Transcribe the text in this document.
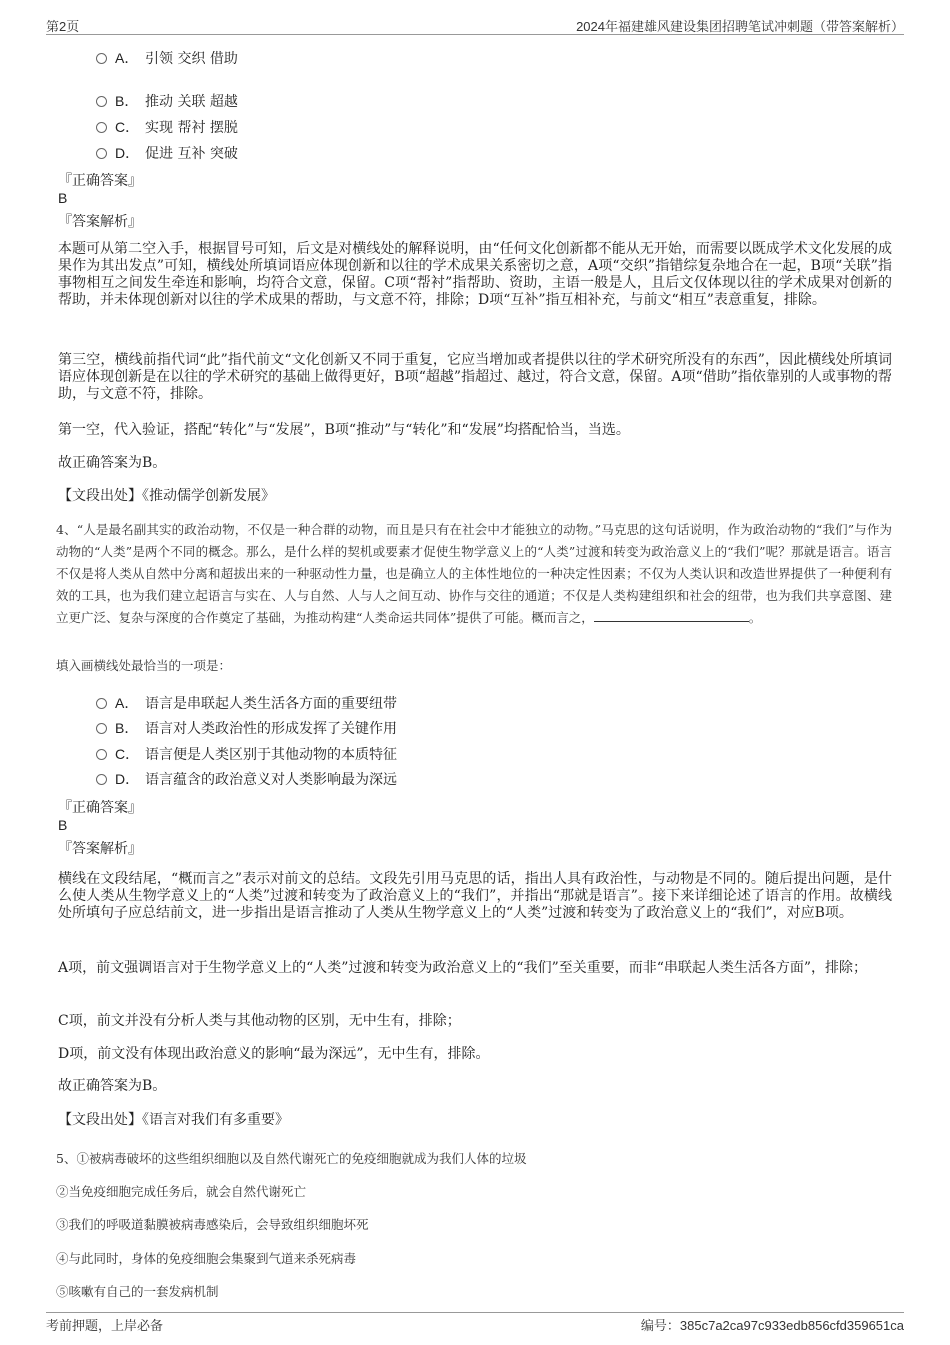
第2页	2024年福建雄风建设集团招聘笔试冲刺题（带答案解析）
A． 引领 交织 借助
B． 推动 关联 超越
C． 实现 帮衬 摆脱
D． 促进 互补 突破
『正确答案』
B
『答案解析』
本题可从第二空入手，根据冒号可知，后文是对横线处的解释说明，由“任何文化创新都不能从无开始，而需要以既成学术文化发展的成果作为其出发点”可知，横线处所填词语应体现创新和以往的学术成果关系密切之意，A项“交织”指错综复杂地合在一起，B项“关联”指事物相互之间发生牵连和影响，均符合文意，保留。C项“帮衬”指帮助、资助，主语一般是人，且后文仅体现以往的学术成果对创新的帮助，并未体现创新对以往的学术成果的帮助，与文意不符，排除；D项“互补”指互相补充，与前文“相互”表意重复，排除。
第三空，横线前指代词“此”指代前文“文化创新又不同于重复，它应当增加或者提供以往的学术研究所没有的东西”，因此横线处所填词语应体现创新是在以往的学术研究的基础上做得更好，B项“超越”指超过、越过，符合文意，保留。A项“借助”指依靠别的人或事物的帮助，与文意不符，排除。
第一空，代入验证，搭配“转化”与“发展”，B项“推动”与“转化”和“发展”均搭配恰当，当选。
故正确答案为B。
【文段出处】《推动儒学创新发展》
4、“人是最名副其实的政治动物，不仅是一种合群的动物，而且是只有在社会中才能独立的动物。”马克思的这句话说明，作为政治动物的“我们”与作为动物的“人类”是两个不同的概念。那么，是什么样的契机或要素才促使生物学意义上的“人类”过渡和转变为政治意义上的“我们”呢？那就是语言。语言不仅是将人类从自然中分离和超拔出来的一种驱动性力量，也是确立人的主体性地位的一种决定性因素；不仅为人类认识和改造世界提供了一种便利有效的工具，也为我们建立起语言与实在、人与自然、人与人之间互动、协作与交往的通道；不仅是人类构建组织和社会的纽带，也为我们共享意图、建立更广泛、复杂与深度的合作奠定了基础，为推动构建“人类命运共同体”提供了可能。概而言之，	。
填入画横线处最恰当的一项是：
A． 语言是串联起人类生活各方面的重要纽带
B． 语言对人类政治性的形成发挥了关键作用
C． 语言便是人类区别于其他动物的本质特征
D． 语言蕴含的政治意义对人类影响最为深远
『正确答案』
B
『答案解析』
横线在文段结尾，“概而言之”表示对前文的总结。文段先引用马克思的话，指出人具有政治性，与动物是不同的。随后提出问题，是什么使人类从生物学意义上的“人类”过渡和转变为了政治意义上的“我们”，并指出“那就是语言”。接下来详细论述了语言的作用。故横线处所填句子应总结前文，进一步指出是语言推动了人类从生物学意义上的“人类”过渡和转变为了政治意义上的“我们”，对应B项。
A项，前文强调语言对于生物学意义上的“人类”过渡和转变为政治意义上的“我们”至关重要，而非“串联起人类生活各方面”，排除；
C项，前文并没有分析人类与其他动物的区别，无中生有，排除；
D项，前文没有体现出政治意义的影响“最为深远”，无中生有，排除。
故正确答案为B。
【文段出处】《语言对我们有多重要》
5、①被病毒破坏的这些组织细胞以及自然代谢死亡的免疫细胞就成为我们人体的垃圾
②当免疫细胞完成任务后，就会自然代谢死亡
③我们的呼吸道黏膜被病毒感染后，会导致组织细胞坏死
④与此同时，身体的免疫细胞会集聚到气道来杀死病毒
⑤咳嗽有自己的一套发病机制
考前押题，上岸必备	编号：385c7a2ca97c933edb856cfd359651ca
